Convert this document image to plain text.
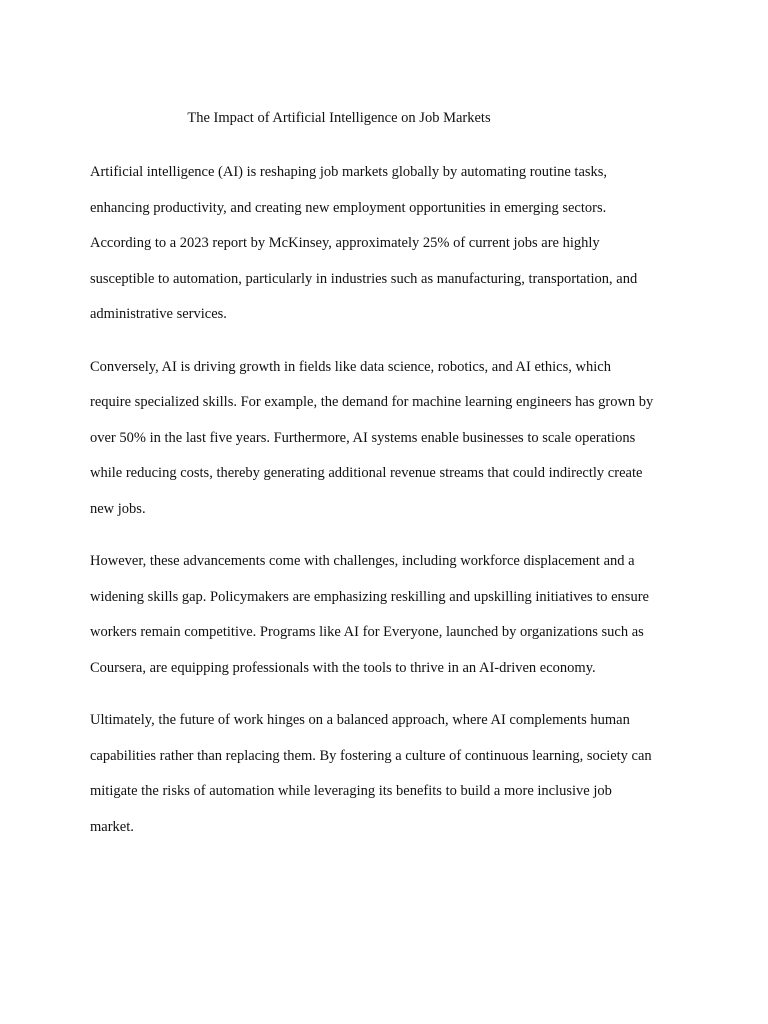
The Impact of Artificial Intelligence on Job Markets

Artificial intelligence (AI) is reshaping job markets globally by automating routine tasks,
enhancing productivity, and creating new employment opportunities in emerging sectors.
According to a 2023 report by McKinsey, approximately 25% of current jobs are highly
susceptible to automation, particularly in industries such as manufacturing, transportation, and
administrative services.

Conversely, AI is driving growth in fields like data science, robotics, and AI ethics, which
require specialized skills. For example, the demand for machine learning engineers has grown by
over 50% in the last five years. Furthermore, AI systems enable businesses to scale operations
while reducing costs, thereby generating additional revenue streams that could indirectly create
new jobs.

However, these advancements come with challenges, including workforce displacement and a
widening skills gap. Policymakers are emphasizing reskilling and upskilling initiatives to ensure
workers remain competitive. Programs like AI for Everyone, launched by organizations such as
Coursera, are equipping professionals with the tools to thrive in an AI-driven economy.

Ultimately, the future of work hinges on a balanced approach, where AI complements human
capabilities rather than replacing them. By fostering a culture of continuous learning, society can
mitigate the risks of automation while leveraging its benefits to build a more inclusive job
market.
